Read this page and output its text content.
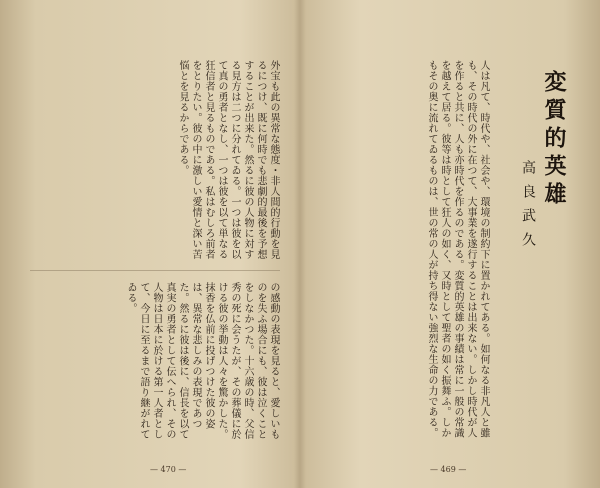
外宝も此の異常な態度・非人間的行動を見るにつけ、既に何時でも悲劇的最後を予想することが出来た。然るに彼の人物に対する見方は二つに分れてゐる。一つは彼を以て真の勇者となし、一つは彼を以て単なる狂信者と見るものである。私はむしろ前者をとりたい。彼の中に激しい愛情と深い苦悩とを見るからである。
の感動の表現を見ると、愛しいものを失ふ場合にも、彼は泣くことをしなかつた。十六歳の時、父信秀の死に会うたが、その葬儀に於ける彼の挙動は人々を驚かした。抹香を仏前に投げつけた彼の姿は、異常な悲しみの表現であつた。然るに彼は後に、信長を以て真実の勇者として伝へられ、その人物は日本に於ける第一人者として、今日に至るまで語り継がれてゐる。
— 470 —
変質的英雄
高良武久
人は凡て、時代や、社会や、環境の制約下に置かれてある。如何なる非凡人と雖も、その時代の外に在つて、大事業を遂行することは出来ない。しかし時代が人を作ると共に、人も亦時代を作るのである。変質的英雄の事績は常に一般の常識を越えて居る。彼等は時として狂人の如く、又時として聖者の如く振舞ふ。しかもその奥に流れてゐるものは、世の常の人が持ち得ない強烈な生命の力である。
— 469 —
